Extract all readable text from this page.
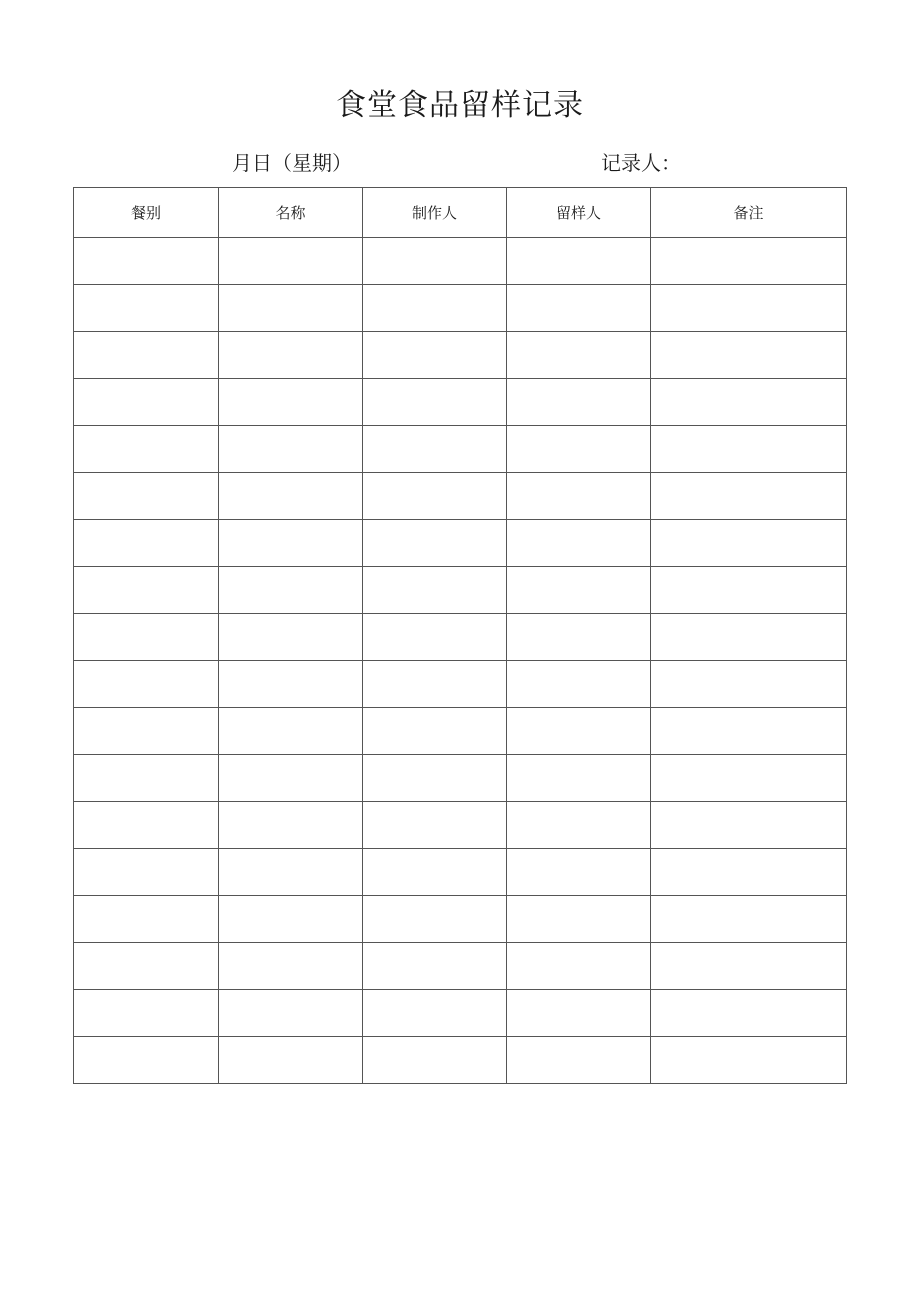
食堂食品留样记录
月日（星期）	记录人：
餐别	名称	制作人	留样人	备注
